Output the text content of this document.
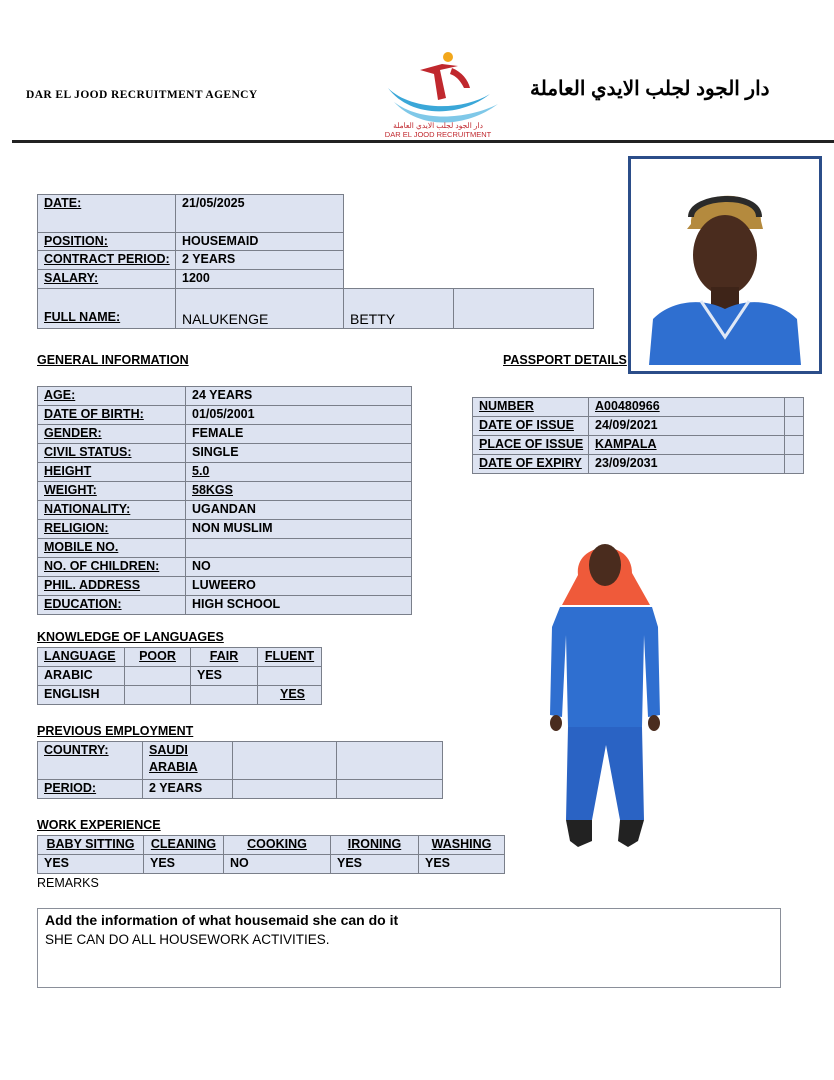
DAR EL JOOD RECRUITMENT AGENCY	دار الجود لجلب الايدي العاملة
دار الجود لجلب الايدي العاملة
DAR EL JOOD RECRUITMENT
DATE:	21/05/2025		
POSITION:	HOUSEMAID		
CONTRACT PERIOD:	2 YEARS		
SALARY:	1200		
FULL NAME:	NALUKENGE	BETTY	
GENERAL INFORMATION	PASSPORT DETAILS
AGE:	24 YEARS
DATE OF BIRTH:	01/05/2001
GENDER:	FEMALE
CIVIL STATUS:	SINGLE
HEIGHT	5.0
WEIGHT:	58KGS
NATIONALITY:	UGANDAN
RELIGION:	NON MUSLIM
MOBILE NO.	
NO. OF CHILDREN:	NO
PHIL. ADDRESS	LUWEERO
EDUCATION:	HIGH SCHOOL
NUMBER	A00480966	
DATE OF ISSUE	24/09/2021	
PLACE OF ISSUE	KAMPALA	
DATE OF EXPIRY	23/09/2031	
KNOWLEDGE OF LANGUAGES
LANGUAGE	POOR	FAIR	FLUENT
ARABIC		YES	
ENGLISH			YES
PREVIOUS EMPLOYMENT
COUNTRY:	SAUDI ARABIA		
PERIOD:	2 YEARS		
WORK EXPERIENCE
BABY SITTING	CLEANING	COOKING	IRONING	WASHING
YES	YES	NO	YES	YES
REMARKS
Add the information of what housemaid she can do it
SHE CAN DO ALL HOUSEWORK ACTIVITIES.
